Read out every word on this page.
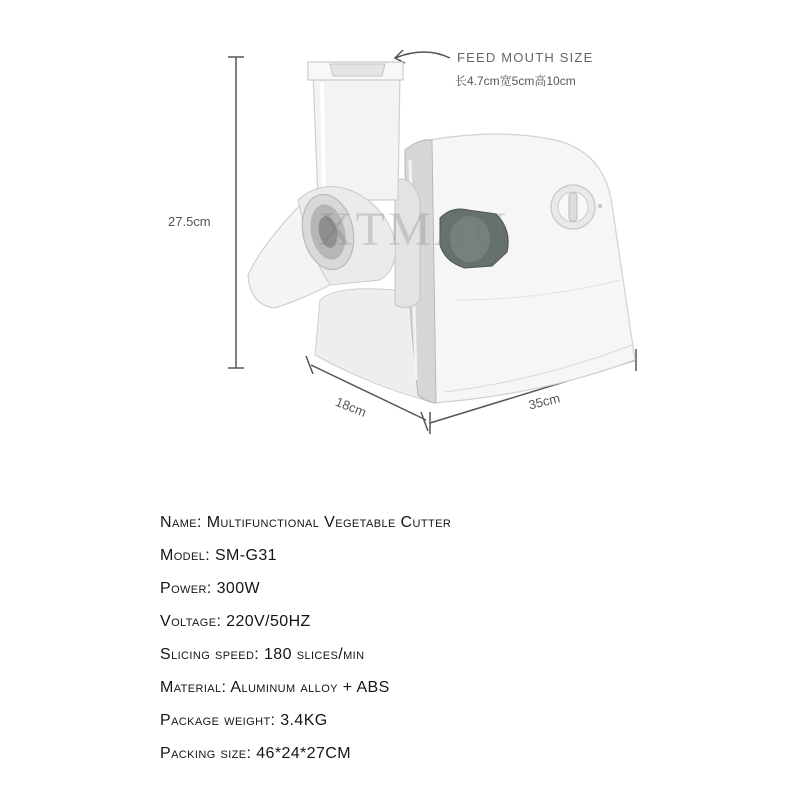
FEED MOUTH SIZE
长4.7cm宽5cm高10cm
27.5cm
18cm	35cm
XTMAU
Name: Multifunctional Vegetable Cutter
Model: SM-G31
Power: 300W
Voltage: 220V/50HZ
Slicing speed: 180 slices/min
Material: Aluminum alloy + ABS
Package weight: 3.4KG
Packing size: 46*24*27CM
